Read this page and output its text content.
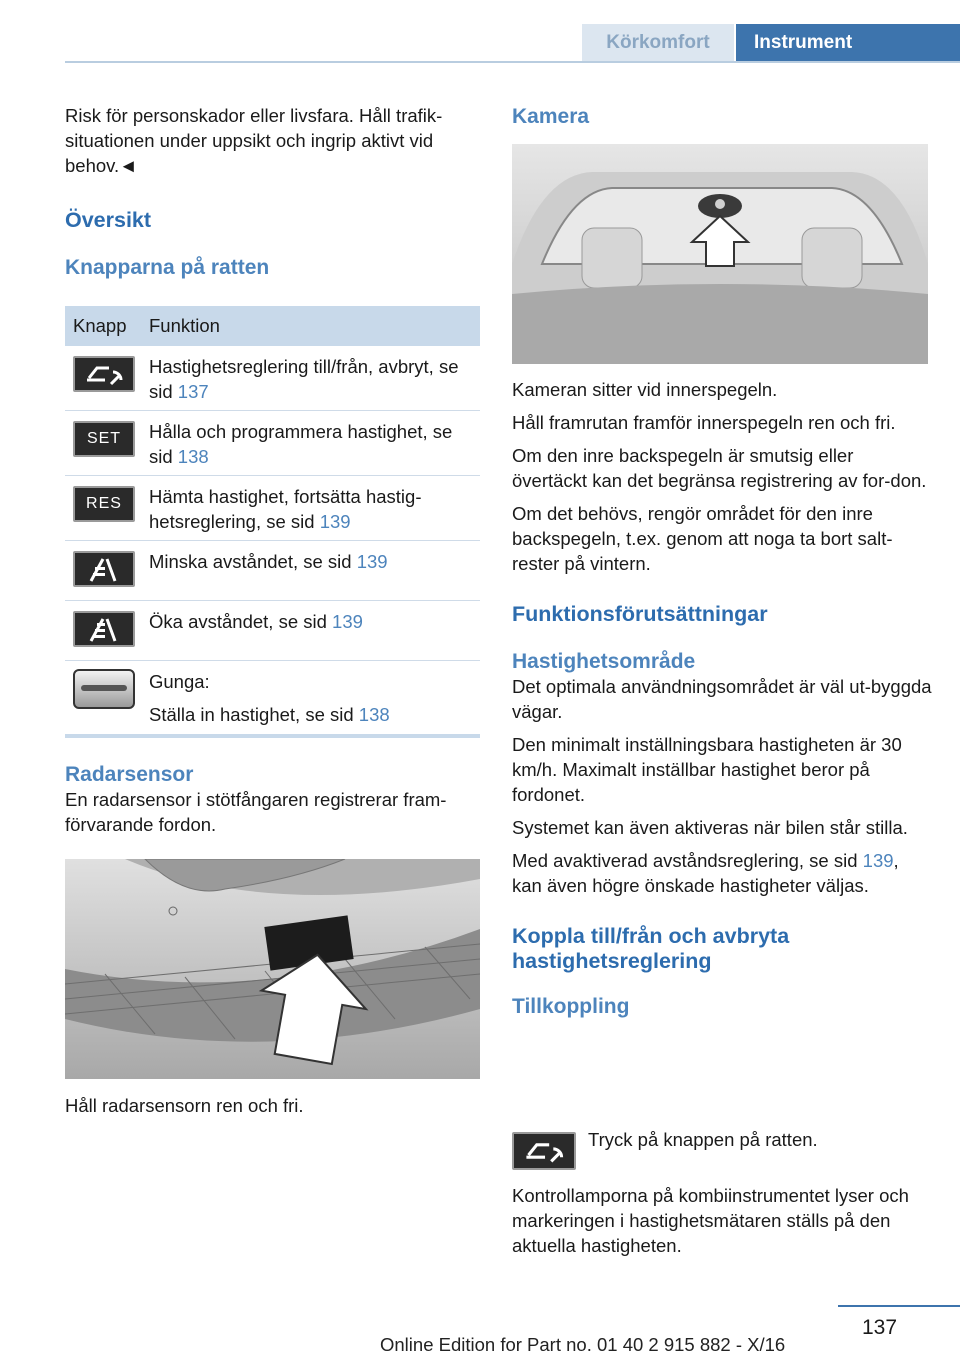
Körkomfort	Instrument

Risk för personskador eller livsfara. Håll trafik‐situationen under uppsikt och ingrip aktivt vid behov.◄

Översikt

Knapparna på ratten

Knapp Funktion
Hastighetsreglering till/från, avbryt, se sid 137
SET	Hålla och programmera hastighet, se sid 138
RES	Hämta hastighet, fortsätta hastig‐hetsreglering, se sid 139
Minska avståndet, se sid 139
Öka avståndet, se sid 139
Gunga:
Ställa in hastighet, se sid 138

Radarsensor

En radarsensor i stötfångaren registrerar fram‐förvarande fordon.

Håll radarsensorn ren och fri.

Kamera

Kameran sitter vid innerspegeln.

Håll framrutan framför innerspegeln ren och fri.

Om den inre backspegeln är smutsig eller övertäckt kan det begränsa registrering av for‐don.

Om det behövs, rengör området för den inre backspegeln, t.ex. genom att noga ta bort salt‐rester på vintern.

Funktionsförutsättningar

Hastighetsområde

Det optimala användningsområdet är väl ut‐byggda vägar.

Den minimalt inställningsbara hastigheten är 30 km/h. Maximalt inställbar hastighet beror på fordonet.

Systemet kan även aktiveras när bilen står stilla.

Med avaktiverad avståndsreglering, se sid 139, kan även högre önskade hastigheter väljas.

Koppla till/från och avbryta hastighetsreglering

Tillkoppling

Tryck på knappen på ratten.

Kontrollamporna på kombiinstrumentet lyser och markeringen i hastighetsmätaren ställs på den aktuella hastigheten.

137
Online Edition for Part no. 01 40 2 915 882 - X/16
